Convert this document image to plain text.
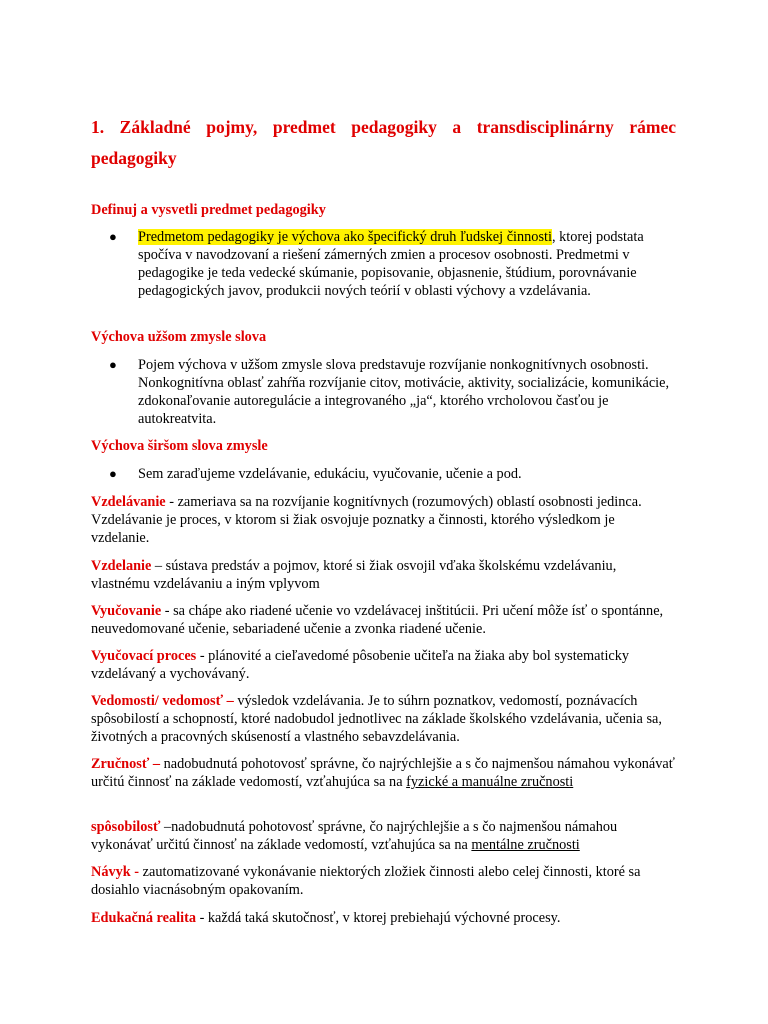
1. Základné pojmy, predmet pedagogiky a transdisciplinárny rámec pedagogiky
Definuj a vysvetli predmet pedagogiky
● Predmetom pedagogiky je výchova ako špecifický druh ľudskej činnosti, ktorej podstata spočíva v navodzovaní a riešení zámerných zmien a procesov osobnosti. Predmetmi v pedagogike je teda vedecké skúmanie, popisovanie, objasnenie, štúdium, porovnávanie pedagogických javov, produkcii nových teórií v oblasti výchovy a vzdelávania.
Výchova užšom zmysle slova
● Pojem výchova v užšom zmysle slova predstavuje rozvíjanie nonkognitívnych osobnosti. Nonkognitívna oblasť zahŕňa rozvíjanie citov, motivácie, aktivity, socializácie, komunikácie, zdokonaľovanie autoregulácie a integrovaného „ja“, ktorého vrcholovou časťou je autokreatvita.
Výchova širšom slova zmysle
● Sem zaraďujeme vzdelávanie, edukáciu, vyučovanie, učenie a pod.
Vzdelávanie - zameriava sa na rozvíjanie kognitívnych (rozumových) oblastí osobnosti jedinca. Vzdelávanie je proces, v ktorom si žiak osvojuje poznatky a činnosti, ktorého výsledkom je vzdelanie.
Vzdelanie – sústava predstáv a pojmov, ktoré si žiak osvojil vďaka školskému vzdelávaniu, vlastnému vzdelávaniu a iným vplyvom
Vyučovanie - sa chápe ako riadené učenie vo vzdelávacej inštitúcii. Pri učení môže ísť o spontánne, neuvedomované učenie, sebariadené učenie a zvonka riadené učenie.
Vyučovací proces - plánovité a cieľavedomé pôsobenie učiteľa na žiaka aby bol systematicky vzdelávaný a vychovávaný.
Vedomosti/ vedomosť – výsledok vzdelávania. Je to súhrn poznatkov, vedomostí, poznávacích spôsobilostí a schopností, ktoré nadobudol jednotlivec na základe školského vzdelávania, učenia sa, životných a pracovných skúseností a vlastného sebavzdelávania.
Zručnosť – nadobudnutá pohotovosť správne, čo najrýchlejšie a s čo najmenšou námahou vykonávať určitú činnosť na základe vedomostí, vzťahujúca sa na fyzické a manuálne zručnosti
spôsobilosť –nadobudnutá pohotovosť správne, čo najrýchlejšie a s čo najmenšou námahou vykonávať určitú činnosť na základe vedomostí, vzťahujúca sa na mentálne zručnosti
Návyk - zautomatizované vykonávanie niektorých zložiek činnosti alebo celej činnosti, ktoré sa dosiahlo viacnásobným opakovaním.
Edukačná realita - každá taká skutočnosť, v ktorej prebiehajú výchovné procesy.
